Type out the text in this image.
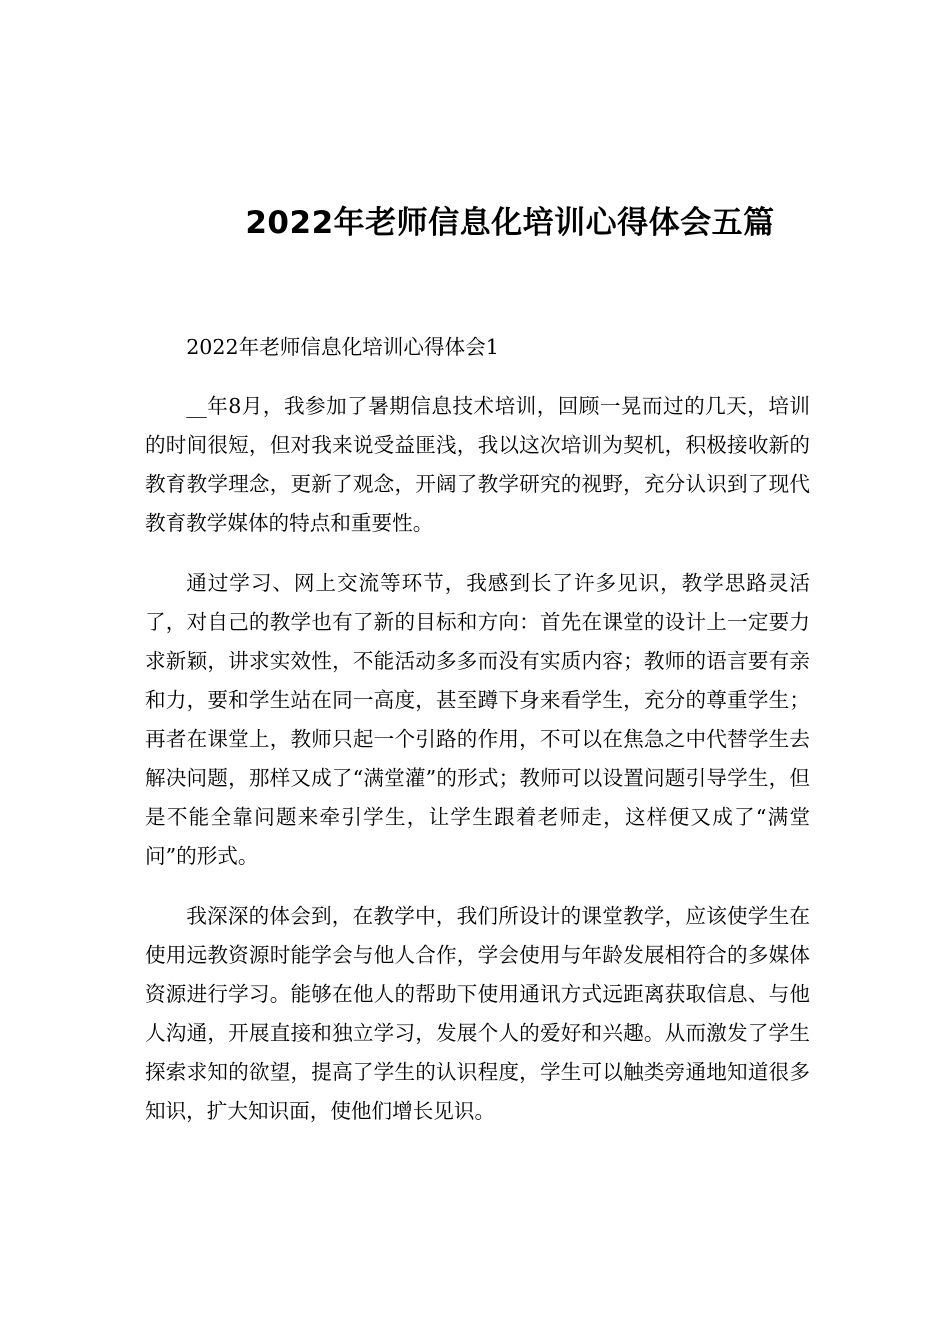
2022年老师信息化培训心得体会五篇

2022年老师信息化培训心得体会1

__年8月，我参加了暑期信息技术培训，回顾一晃而过的几天，培训的时间很短，但对我来说受益匪浅，我以这次培训为契机，积极接收新的教育教学理念，更新了观念，开阔了教学研究的视野，充分认识到了现代教育教学媒体的特点和重要性。

通过学习、网上交流等环节，我感到长了许多见识，教学思路灵活了，对自己的教学也有了新的目标和方向：首先在课堂的设计上一定要力求新颖，讲求实效性，不能活动多多而没有实质内容；教师的语言要有亲和力，要和学生站在同一高度，甚至蹲下身来看学生，充分的尊重学生；再者在课堂上，教师只起一个引路的作用，不可以在焦急之中代替学生去解决问题，那样又成了“满堂灌”的形式；教师可以设置问题引导学生，但是不能全靠问题来牵引学生，让学生跟着老师走，这样便又成了“满堂问”的形式。

我深深的体会到，在教学中，我们所设计的课堂教学，应该使学生在使用远教资源时能学会与他人合作，学会使用与年龄发展相符合的多媒体资源进行学习。能够在他人的帮助下使用通讯方式远距离获取信息、与他人沟通，开展直接和独立学习，发展个人的爱好和兴趣。从而激发了学生探索求知的欲望，提高了学生的认识程度，学生可以触类旁通地知道很多知识，扩大知识面，使他们增长见识。
